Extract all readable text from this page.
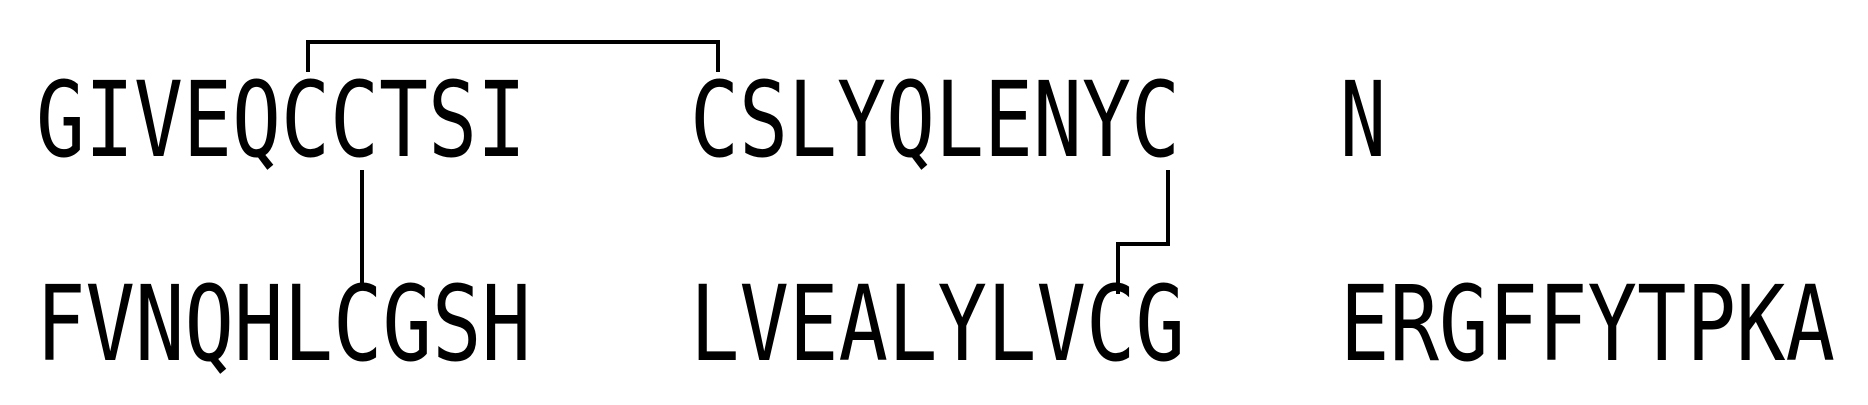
GIVEQCCTSI CSLYQLENYC N
FVNQHLCGSH LVEALYLVCG ERGFFYTPKA
